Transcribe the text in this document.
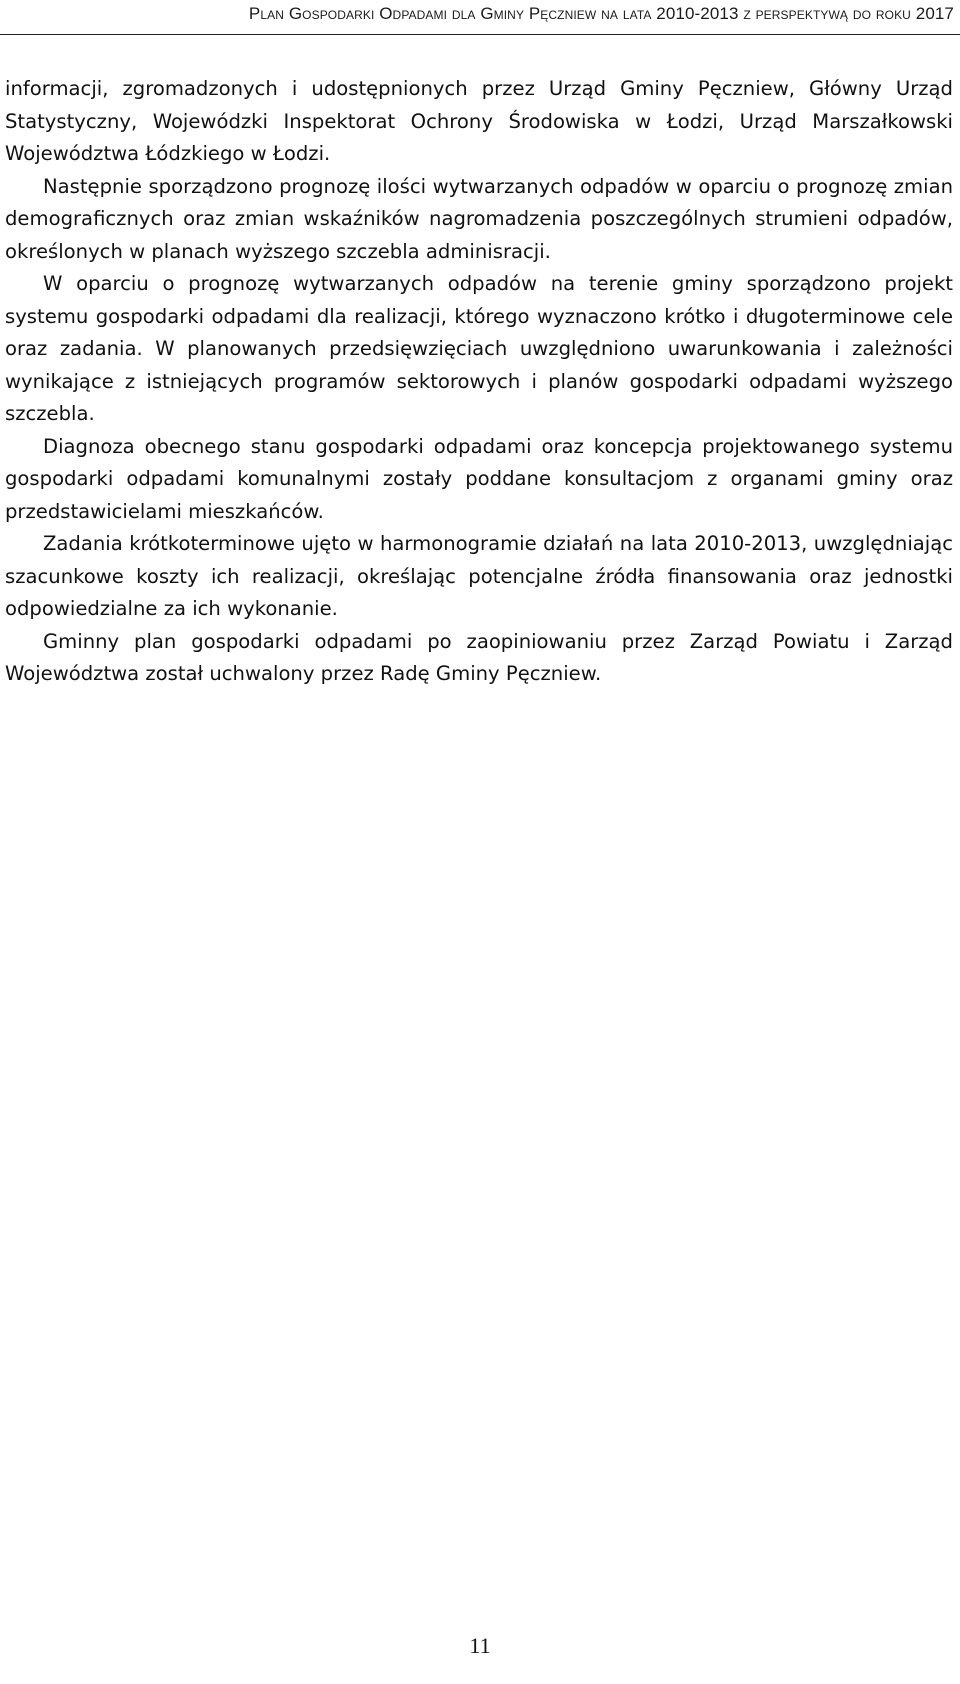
Plan Gospodarki Odpadami dla Gminy Pęczniew na lata 2010-2013 z perspektywą do roku 2017

informacji, zgromadzonych i udostępnionych przez Urząd Gminy Pęczniew, Główny Urząd Statystyczny, Wojewódzki Inspektorat Ochrony Środowiska w Łodzi, Urząd Marszałkowski Województwa Łódzkiego w Łodzi.

Następnie sporządzono prognozę ilości wytwarzanych odpadów w oparciu o prognozę zmian demograficznych oraz zmian wskaźników nagromadzenia poszczególnych strumieni odpadów, określonych w planach wyższego szczebla adminisracji.

W oparciu o prognozę wytwarzanych odpadów na terenie gminy sporządzono projekt systemu gospodarki odpadami dla realizacji, którego wyznaczono krótko i długoterminowe cele oraz zadania. W planowanych przedsięwzięciach uwzględniono uwarunkowania i zależności wynikające z istniejących programów sektorowych i planów gospodarki odpadami wyższego szczebla.

Diagnoza obecnego stanu gospodarki odpadami oraz koncepcja projektowanego systemu gospodarki odpadami komunalnymi zostały poddane konsultacjom z organami gminy oraz przedstawicielami mieszkańców.

Zadania krótkoterminowe ujęto w harmonogramie działań na lata 2010-2013, uwzględniając szacunkowe koszty ich realizacji, określając potencjalne źródła finansowania oraz jednostki odpowiedzialne za ich wykonanie.

Gminny plan gospodarki odpadami po zaopiniowaniu przez Zarząd Powiatu i Zarząd Województwa został uchwalony przez Radę Gminy Pęczniew.

11
